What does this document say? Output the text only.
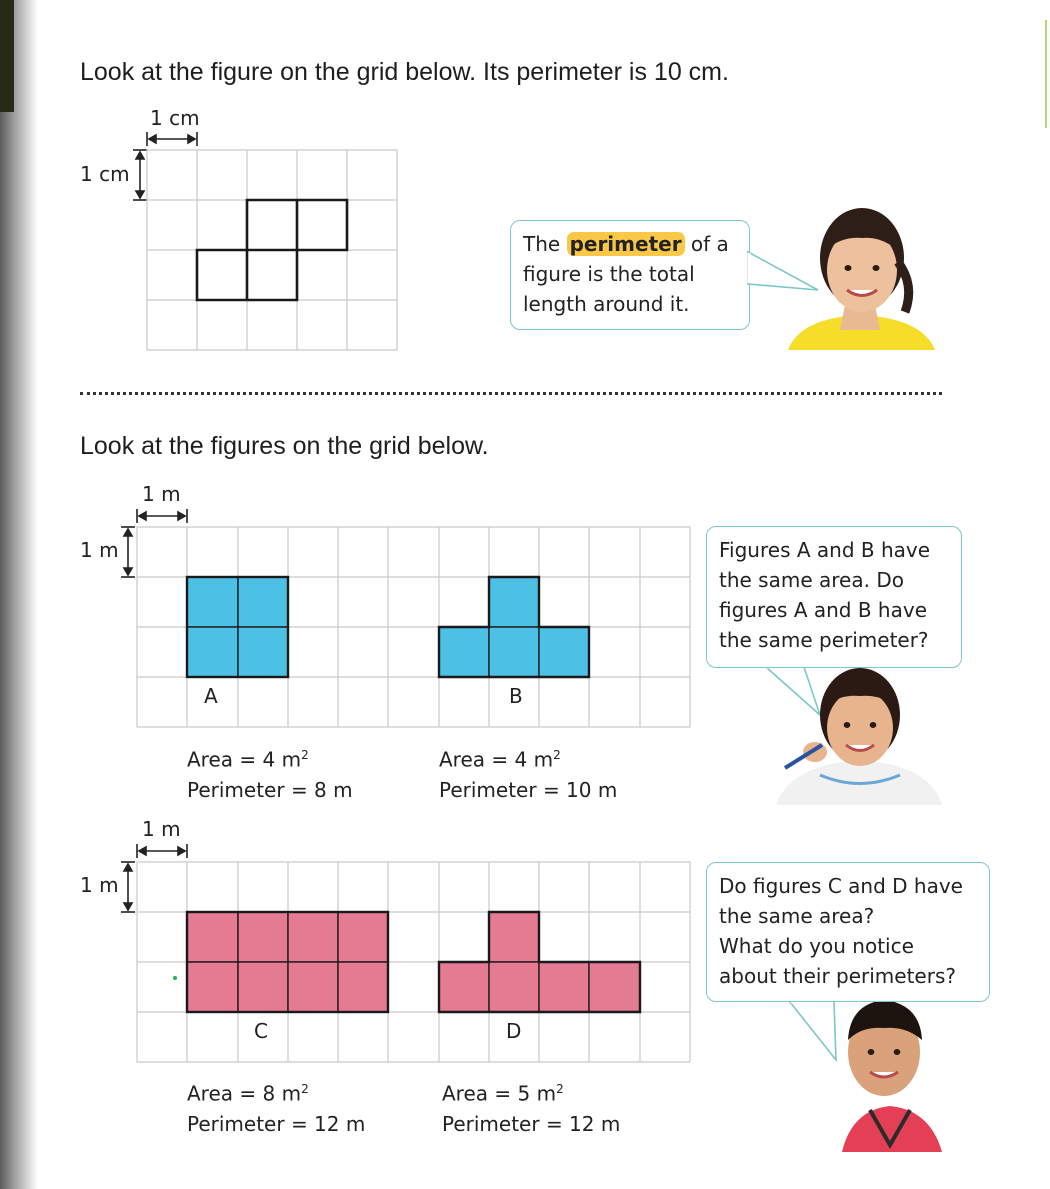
Look at the figure on the grid below. Its perimeter is 10 cm.
1 cm
1 cm
The perimeter of a
figure is the total
length around it.
Look at the figures on the grid below.
1 m
1 m
A	B
Area = 4 $m^2$
Perimeter = 8 m
Area = 4 $m^2$
Perimeter = 10 m
Figures A and B have
the same area. Do
figures A and B have
the same perimeter?
1 m
1 m
C	D
Area = 8 $m^2$
Perimeter = 12 m
Area = 5 $m^2$
Perimeter = 12 m
Do figures C and D have
the same area?
What do you notice
about their perimeters?
